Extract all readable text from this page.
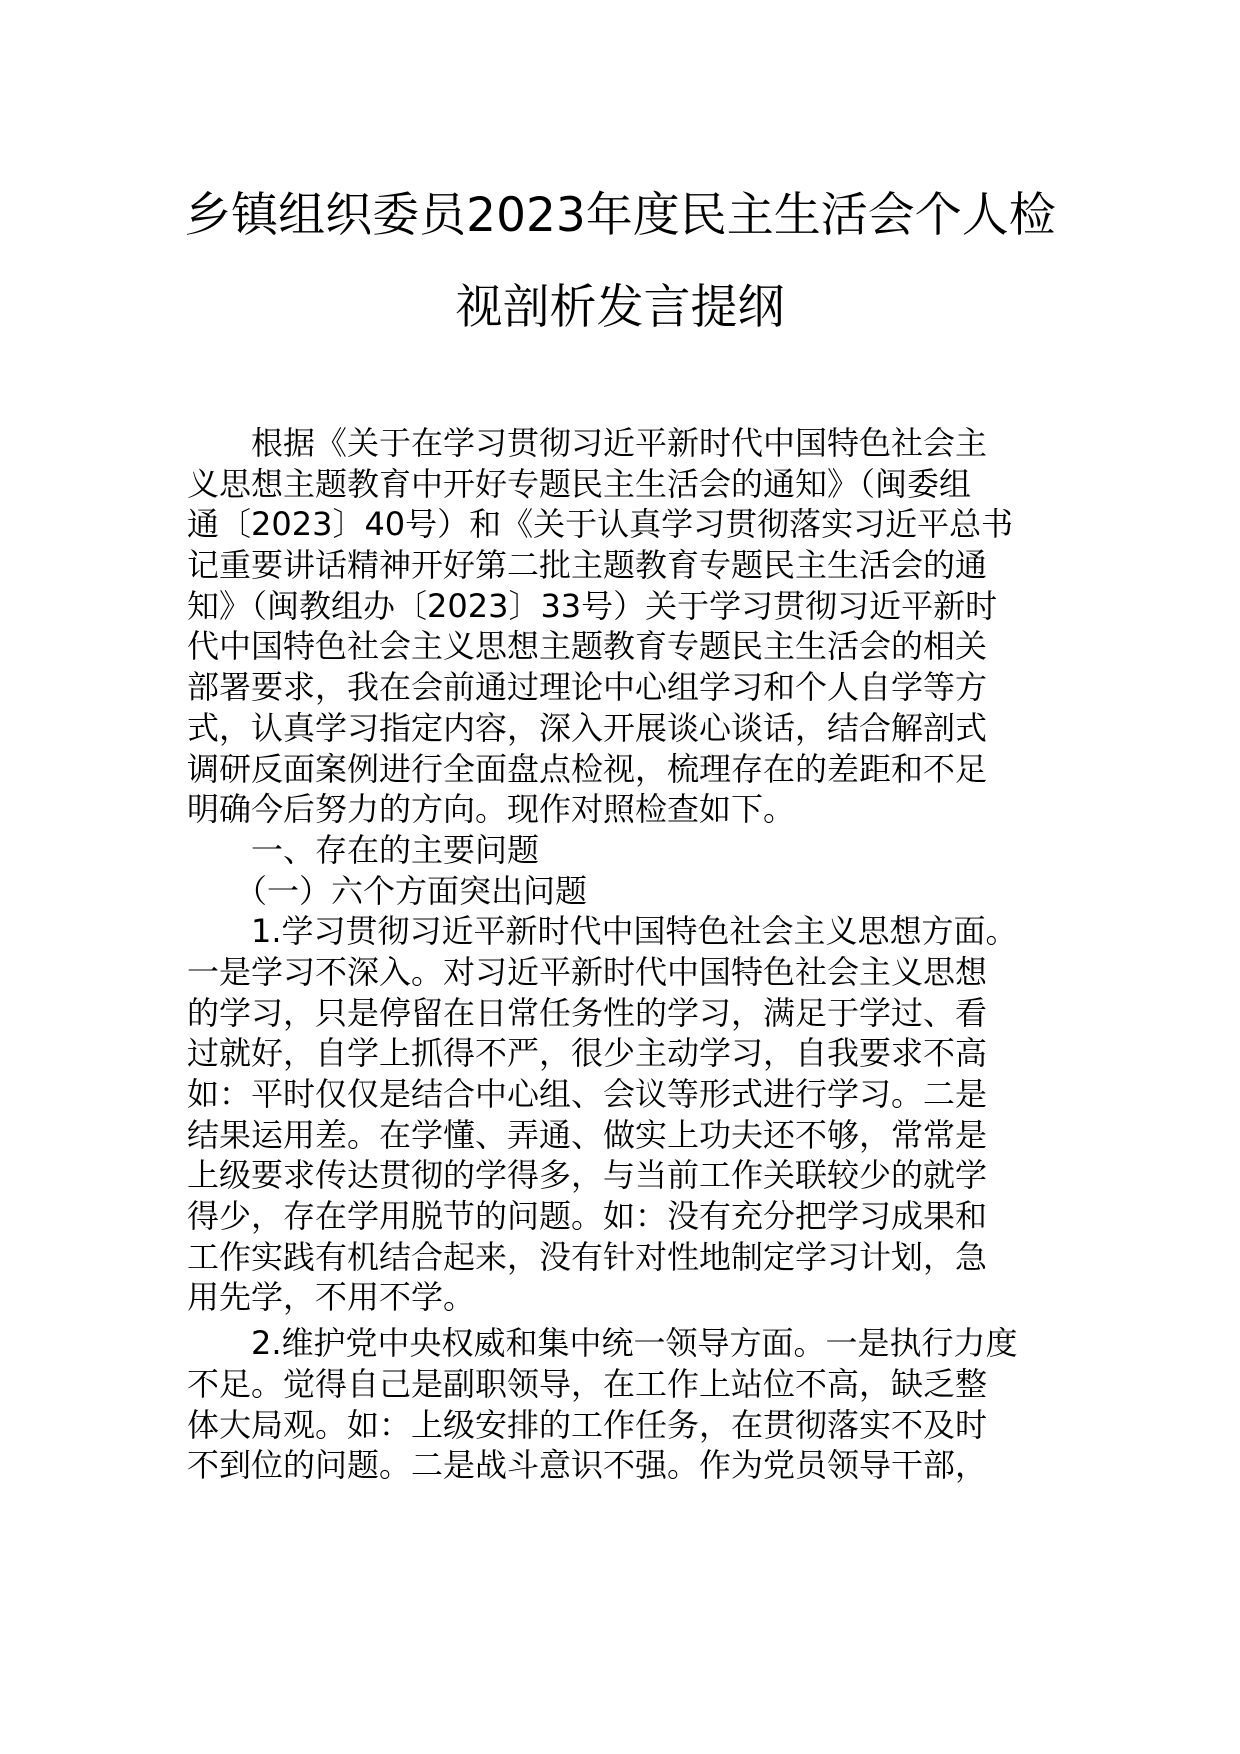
乡镇组织委员2023年度民主生活会个人检
视剖析发言提纲
　　根据《关于在学习贯彻习近平新时代中国特色社会主
义思想主题教育中开好专题民主生活会的通知》（闽委组
通〔2023〕40号）和《关于认真学习贯彻落实习近平总书
记重要讲话精神开好第二批主题教育专题民主生活会的通
知》（闽教组办〔2023〕33号）关于学习贯彻习近平新时
代中国特色社会主义思想主题教育专题民主生活会的相关
部署要求，我在会前通过理论中心组学习和个人自学等方
式，认真学习指定内容，深入开展谈心谈话，结合解剖式
调研反面案例进行全面盘点检视，梳理存在的差距和不足
明确今后努力的方向。现作对照检查如下。
　　一、存在的主要问题
　　（一）六个方面突出问题
　　1.学习贯彻习近平新时代中国特色社会主义思想方面。
一是学习不深入。对习近平新时代中国特色社会主义思想
的学习，只是停留在日常任务性的学习，满足于学过、看
过就好，自学上抓得不严，很少主动学习，自我要求不高
如：平时仅仅是结合中心组、会议等形式进行学习。二是
结果运用差。在学懂、弄通、做实上功夫还不够，常常是
上级要求传达贯彻的学得多，与当前工作关联较少的就学
得少，存在学用脱节的问题。如：没有充分把学习成果和
工作实践有机结合起来，没有针对性地制定学习计划，急
用先学，不用不学。
　　2.维护党中央权威和集中统一领导方面。一是执行力度
不足。觉得自己是副职领导，在工作上站位不高，缺乏整
体大局观。如：上级安排的工作任务，在贯彻落实不及时
不到位的问题。二是战斗意识不强。作为党员领导干部，
